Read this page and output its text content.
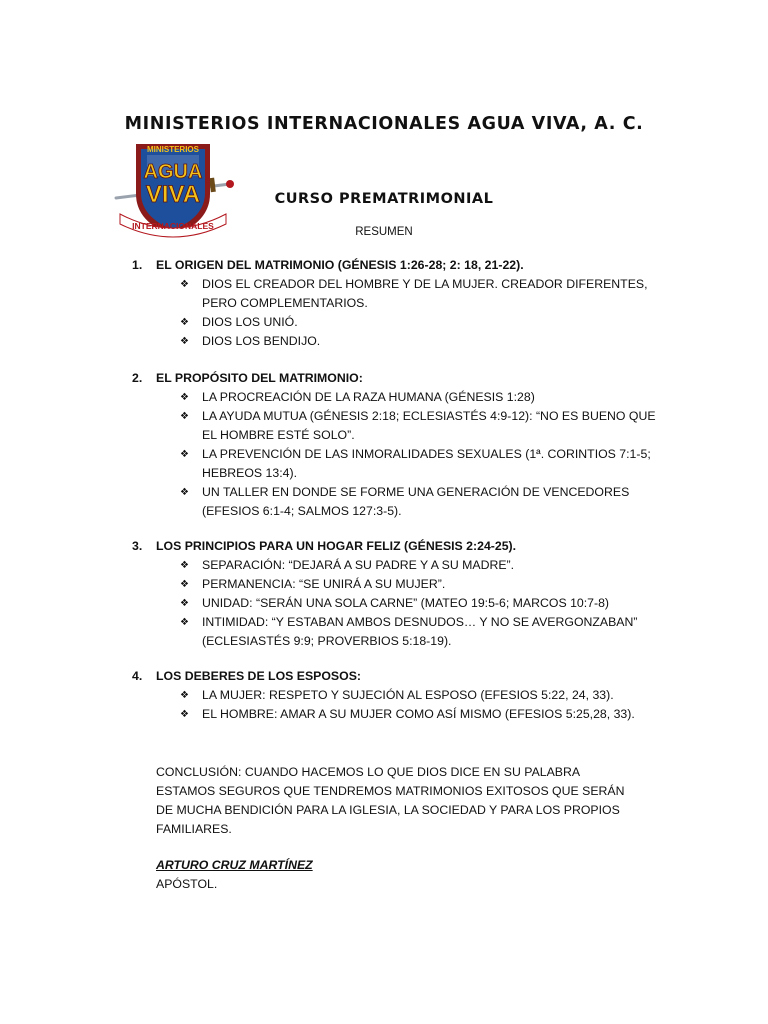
MINISTERIOS INTERNACIONALES AGUA VIVA, A. C.
MINISTERIOS
AGUA
VIVA
INTERNACIONALES
CURSO PREMATRIMONIAL
RESUMEN
1. EL ORIGEN DEL MATRIMONIO (GÉNESIS 1:26-28; 2: 18, 21-22).
❖ DIOS EL CREADOR DEL HOMBRE Y DE LA MUJER. CREADOR DIFERENTES, PERO COMPLEMENTARIOS.
❖ DIOS LOS UNIÓ.
❖ DIOS LOS BENDIJO.
2. EL PROPÓSITO DEL MATRIMONIO:
❖ LA PROCREACIÓN DE LA RAZA HUMANA (GÉNESIS 1:28)
❖ LA AYUDA MUTUA (GÉNESIS 2:18; ECLESIASTÉS 4:9-12): “NO ES BUENO QUE EL HOMBRE ESTÉ SOLO”.
❖ LA PREVENCIÓN DE LAS INMORALIDADES SEXUALES (1ª. CORINTIOS 7:1-5; HEBREOS 13:4).
❖ UN TALLER EN DONDE SE FORME UNA GENERACIÓN DE VENCEDORES (EFESIOS 6:1-4; SALMOS 127:3-5).
3. LOS PRINCIPIOS PARA UN HOGAR FELIZ (GÉNESIS 2:24-25).
❖ SEPARACIÓN: “DEJARÁ A SU PADRE Y A SU MADRE”.
❖ PERMANENCIA: “SE UNIRÁ A SU MUJER”.
❖ UNIDAD: “SERÁN UNA SOLA CARNE” (MATEO 19:5-6; MARCOS 10:7-8)
❖ INTIMIDAD: “Y ESTABAN AMBOS DESNUDOS… Y NO SE AVERGONZABAN” (ECLESIASTÉS 9:9; PROVERBIOS 5:18-19).
4. LOS DEBERES DE LOS ESPOSOS:
❖ LA MUJER: RESPETO Y SUJECIÓN AL ESPOSO (EFESIOS 5:22, 24, 33).
❖ EL HOMBRE: AMAR A SU MUJER COMO ASÍ MISMO (EFESIOS 5:25,28, 33).
CONCLUSIÓN: CUANDO HACEMOS LO QUE DIOS DICE EN SU PALABRA ESTAMOS SEGUROS QUE TENDREMOS MATRIMONIOS EXITOSOS QUE SERÁN DE MUCHA BENDICIÓN PARA LA IGLESIA, LA SOCIEDAD Y PARA LOS PROPIOS FAMILIARES.
ARTURO CRUZ MARTÍNEZ
APÓSTOL.
